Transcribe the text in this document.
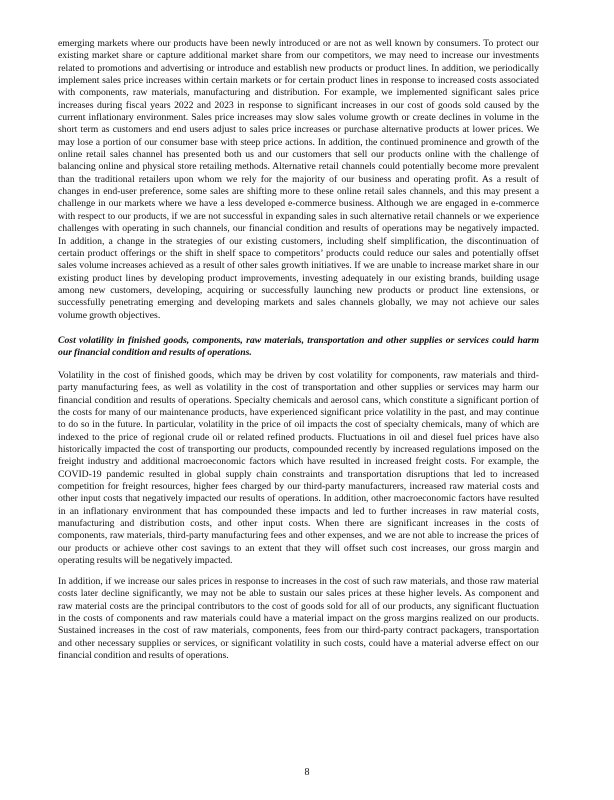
emerging markets where our products have been newly introduced or are not as well known by consumers. To protect our
existing market share or capture additional market share from our competitors, we may need to increase our investments
related to promotions and advertising or introduce and establish new products or product lines. In addition, we periodically
implement sales price increases within certain markets or for certain product lines in response to increased costs associated
with components, raw materials, manufacturing and distribution. For example, we implemented significant sales price
increases during fiscal years 2022 and 2023 in response to significant increases in our cost of goods sold caused by the
current inflationary environment. Sales price increases may slow sales volume growth or create declines in volume in the
short term as customers and end users adjust to sales price increases or purchase alternative products at lower prices. We
may lose a portion of our consumer base with steep price actions. In addition, the continued prominence and growth of the
online retail sales channel has presented both us and our customers that sell our products online with the challenge of
balancing online and physical store retailing methods. Alternative retail channels could potentially become more prevalent
than the traditional retailers upon whom we rely for the majority of our business and operating profit. As a result of
changes in end-user preference, some sales are shifting more to these online retail sales channels, and this may present a
challenge in our markets where we have a less developed e-commerce business. Although we are engaged in e-commerce
with respect to our products, if we are not successful in expanding sales in such alternative retail channels or we experience
challenges with operating in such channels, our financial condition and results of operations may be negatively impacted.
In addition, a change in the strategies of our existing customers, including shelf simplification, the discontinuation of
certain product offerings or the shift in shelf space to competitors’ products could reduce our sales and potentially offset
sales volume increases achieved as a result of other sales growth initiatives. If we are unable to increase market share in our
existing product lines by developing product improvements, investing adequately in our existing brands, building usage
among new customers, developing, acquiring or successfully launching new products or product line extensions, or
successfully penetrating emerging and developing markets and sales channels globally, we may not achieve our sales
volume growth objectives.
Cost volatility in finished goods, components, raw materials, transportation and other supplies or services could harm
our financial condition and results of operations.
Volatility in the cost of finished goods, which may be driven by cost volatility for components, raw materials and third-
party manufacturing fees, as well as volatility in the cost of transportation and other supplies or services may harm our
financial condition and results of operations. Specialty chemicals and aerosol cans, which constitute a significant portion of
the costs for many of our maintenance products, have experienced significant price volatility in the past, and may continue
to do so in the future. In particular, volatility in the price of oil impacts the cost of specialty chemicals, many of which are
indexed to the price of regional crude oil or related refined products. Fluctuations in oil and diesel fuel prices have also
historically impacted the cost of transporting our products, compounded recently by increased regulations imposed on the
freight industry and additional macroeconomic factors which have resulted in increased freight costs. For example, the
COVID-19 pandemic resulted in global supply chain constraints and transportation disruptions that led to increased
competition for freight resources, higher fees charged by our third-party manufacturers, increased raw material costs and
other input costs that negatively impacted our results of operations. In addition, other macroeconomic factors have resulted
in an inflationary environment that has compounded these impacts and led to further increases in raw material costs,
manufacturing and distribution costs, and other input costs. When there are significant increases in the costs of
components, raw materials, third-party manufacturing fees and other expenses, and we are not able to increase the prices of
our products or achieve other cost savings to an extent that they will offset such cost increases, our gross margin and
operating results will be negatively impacted.
In addition, if we increase our sales prices in response to increases in the cost of such raw materials, and those raw material
costs later decline significantly, we may not be able to sustain our sales prices at these higher levels. As component and
raw material costs are the principal contributors to the cost of goods sold for all of our products, any significant fluctuation
in the costs of components and raw materials could have a material impact on the gross margins realized on our products.
Sustained increases in the cost of raw materials, components, fees from our third-party contract packagers, transportation
and other necessary supplies or services, or significant volatility in such costs, could have a material adverse effect on our
financial condition and results of operations.
8
